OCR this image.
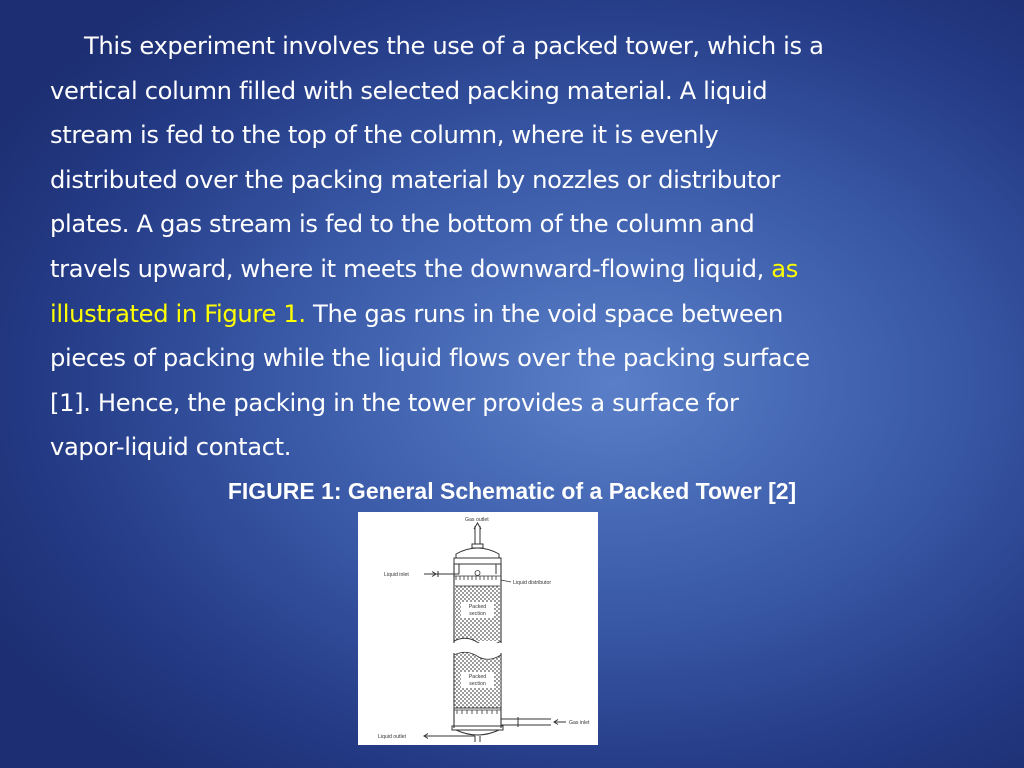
This experiment involves the use of a packed tower, which is a
vertical column filled with selected packing material. A liquid
stream is fed to the top of the column, where it is evenly
distributed over the packing material by nozzles or distributor
plates. A gas stream is fed to the bottom of the column and
travels upward, where it meets the downward-flowing liquid, as
illustrated in Figure 1. The gas runs in the void space between
pieces of packing while the liquid flows over the packing surface
[1]. Hence, the packing in the tower provides a surface for
vapor-liquid contact.

FIGURE 1: General Schematic of a Packed Tower [2]

Gas outlet
Liquid inlet
Liquid distributor
Packed
section
Packed
section
Gas inlet
Liquid outlet
